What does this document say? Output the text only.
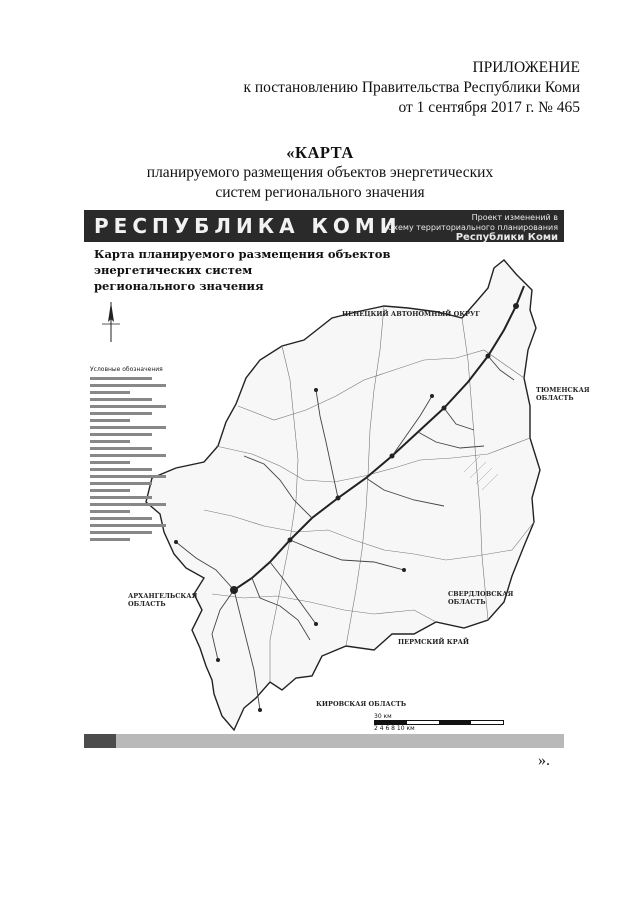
ПРИЛОЖЕНИЕ
к постановлению Правительства Республики Коми
от 1 сентября 2017 г. № 465
«КАРТА
планируемого размещения объектов энергетических
систем регионального значения
РЕСПУБЛИКА КОМИ	Проект изменений в
Схему территориального планирования
Республики Коми
Карта планируемого размещения объектов
энергетических систем
регионального значения
НЕНЕЦКИЙ АВТОНОМНЫЙ ОКРУГ
ТЮМЕНСКАЯ ОБЛАСТЬ
АРХАНГЕЛЬСКАЯ ОБЛАСТЬ
СВЕРДЛОВСКАЯ ОБЛАСТЬ
ПЕРМСКИЙ КРАЙ
КИРОВСКАЯ ОБЛАСТЬ
Условные обозначения
30 км
2 4 6 8 10 км
».
